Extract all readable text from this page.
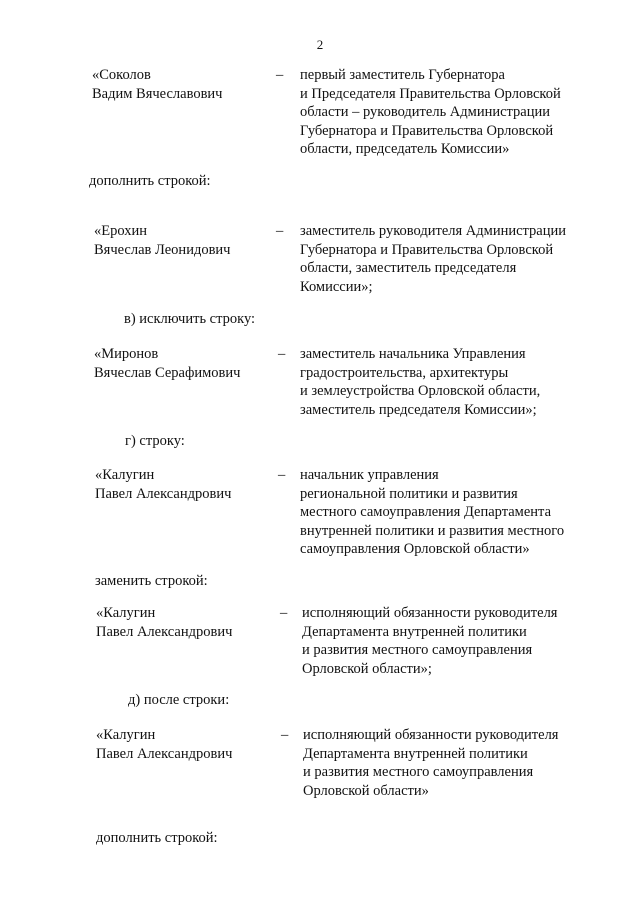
2
«Соколов
Вадим Вячеславович
– первый заместитель Губернатора
и Председателя Правительства Орловской
области – руководитель Администрации
Губернатора и Правительства Орловской
области, председатель Комиссии»
дополнить строкой:
«Ерохин
Вячеслав Леонидович
– заместитель руководителя Администрации
Губернатора и Правительства Орловской
области, заместитель председателя
Комиссии»;
в) исключить строку:
«Миронов
Вячеслав Серафимович
– заместитель начальника Управления
градостроительства, архитектуры
и землеустройства Орловской области,
заместитель председателя Комиссии»;
г) строку:
«Калугин
Павел Александрович
– начальник управления
региональной политики и развития
местного самоуправления Департамента
внутренней политики и развития местного
самоуправления Орловской области»
заменить строкой:
«Калугин
Павел Александрович
– исполняющий обязанности руководителя
Департамента внутренней политики
и развития местного самоуправления
Орловской области»;
д) после строки:
«Калугин
Павел Александрович
– исполняющий обязанности руководителя
Департамента внутренней политики
и развития местного самоуправления
Орловской области»
дополнить строкой:
